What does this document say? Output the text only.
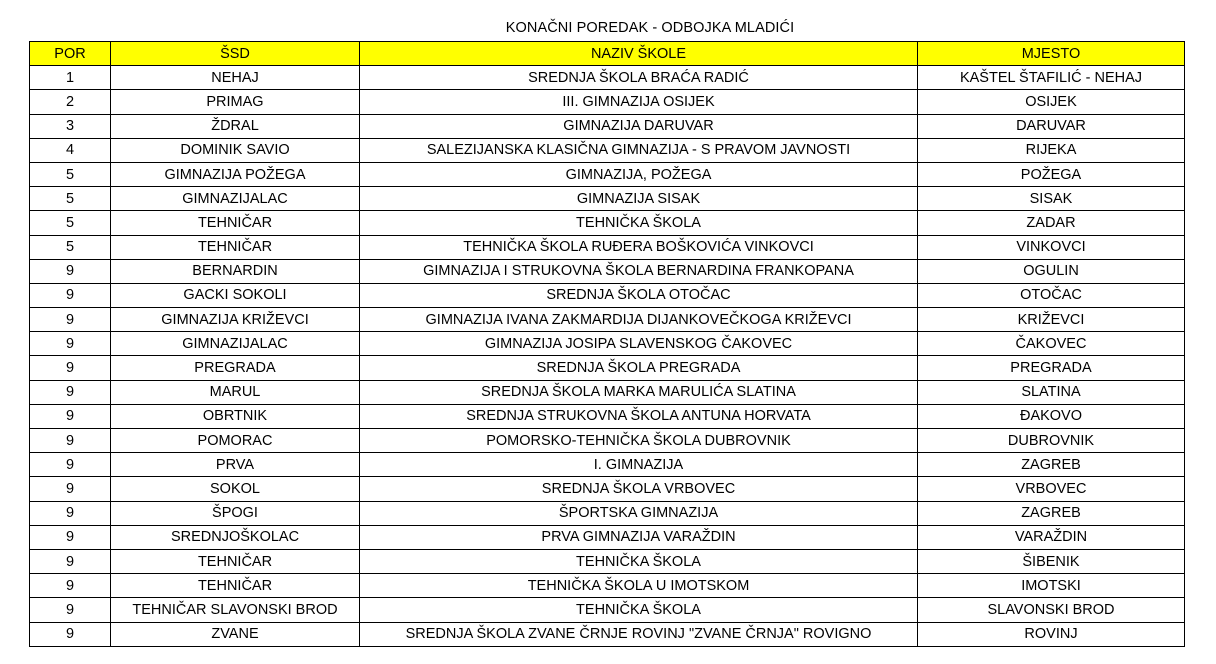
KONAČNI POREDAK - ODBOJKA MLADIĆI
POR	ŠSD	NAZIV ŠKOLE	MJESTO
1	NEHAJ	SREDNJA ŠKOLA BRAĆA RADIĆ	KAŠTEL ŠTAFILIĆ - NEHAJ
2	PRIMAG	III. GIMNAZIJA OSIJEK	OSIJEK
3	ŽDRAL	GIMNAZIJA DARUVAR	DARUVAR
4	DOMINIK SAVIO	SALEZIJANSKA KLASIČNA GIMNAZIJA - S PRAVOM JAVNOSTI	RIJEKA
5	GIMNAZIJA POŽEGA	GIMNAZIJA, POŽEGA	POŽEGA
5	GIMNAZIJALAC	GIMNAZIJA SISAK	SISAK
5	TEHNIČAR	TEHNIČKA ŠKOLA	ZADAR
5	TEHNIČAR	TEHNIČKA ŠKOLA RUĐERA BOŠKOVIĆA VINKOVCI	VINKOVCI
9	BERNARDIN	GIMNAZIJA I STRUKOVNA ŠKOLA BERNARDINA FRANKOPANA	OGULIN
9	GACKI SOKOLI	SREDNJA ŠKOLA OTOČAC	OTOČAC
9	GIMNAZIJA KRIŽEVCI	GIMNAZIJA IVANA ZAKMARDIJA DIJANKOVEČKOGA KRIŽEVCI	KRIŽEVCI
9	GIMNAZIJALAC	GIMNAZIJA JOSIPA SLAVENSKOG ČAKOVEC	ČAKOVEC
9	PREGRADA	SREDNJA ŠKOLA PREGRADA	PREGRADA
9	MARUL	SREDNJA ŠKOLA MARKA MARULIĆA SLATINA	SLATINA
9	OBRTNIK	SREDNJA STRUKOVNA ŠKOLA ANTUNA HORVATA	ĐAKOVO
9	POMORAC	POMORSKO-TEHNIČKA ŠKOLA DUBROVNIK	DUBROVNIK
9	PRVA	I. GIMNAZIJA	ZAGREB
9	SOKOL	SREDNJA ŠKOLA VRBOVEC	VRBOVEC
9	ŠPOGI	ŠPORTSKA GIMNAZIJA	ZAGREB
9	SREDNJOŠKOLAC	PRVA GIMNAZIJA VARAŽDIN	VARAŽDIN
9	TEHNIČAR	TEHNIČKA ŠKOLA	ŠIBENIK
9	TEHNIČAR	TEHNIČKA ŠKOLA U IMOTSKOM	IMOTSKI
9	TEHNIČAR SLAVONSKI BROD	TEHNIČKA ŠKOLA	SLAVONSKI BROD
9	ZVANE	SREDNJA ŠKOLA ZVANE ČRNJE ROVINJ "ZVANE ČRNJA" ROVIGNO	ROVINJ
